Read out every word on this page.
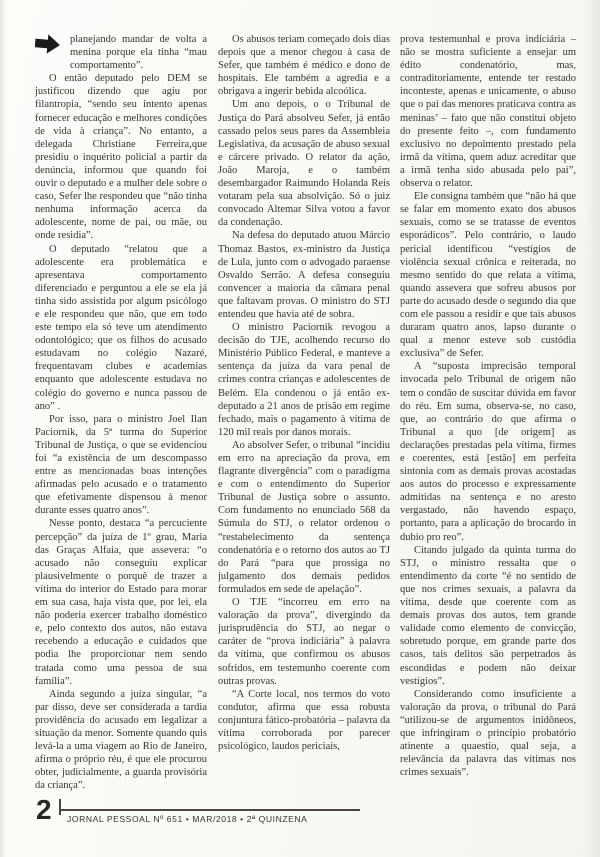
planejando mandar de volta a menina porque ela tinha “mau comportamento”.

O então deputado pelo DEM se justificou dizendo que agiu por filantropia, “sendo seu intento apenas fornecer educação e melhores condições de vida à criança”. No entanto, a delegada Christiane Ferreira,que presidiu o inquérito policial a partir da denúncia, informou que quando foi ouvir o deputado e a mulher dele sobre o caso, Sefer lhe respondeu que “não tinha nenhuma informação acerca da adolescente, nome de pai, ou mãe, ou onde residia”.

O deputado “relatou que a adolescente era problemática e apresentava comportamento diferenciado e perguntou a ele se ela já tinha sido assistida por algum psicólogo e ele respondeu que não, que em todo este tempo ela só teve um atendimento odontológico; que os filhos do acusado estudavam no colégio Nazaré, frequentavam clubes e academias enquanto que adolescente estudava no colégio do governo e nunca passou de ano” .

Por isso, para o ministro Joel Ilan Paciornik, da 5ª turma do Superior Tribunal de Justiça, o que se evidenciou foi “a existência de um descompasso entre as mencionadas boas intenções afirmadas pelo acusado e o tratamento que efetivamente dispensou à menor durante esses quatro anos”.

Nesse ponto, destaca “a percuciente percepção” da juíza de 1º grau, Maria das Graças Alfaia, que assevera: “o acusado não conseguiu explicar plausivelmente o porquê de trazer a vítima do interior do Estado para morar em sua casa, haja vista que, por lei, ela não poderia exercer trabalho doméstico e, pelo contexto dos autos, não estava recebendo a educação e cuidados que podia lhe proporcionar nem sendo tratada como uma pessoa de sua família”.

Ainda segundo a juíza singular, “a par disso, deve ser considerada a tardia providência do acusado em legalizar a situação da menor. Somente quando quis levá-la a uma viagem ao Rio de Janeiro, afirma o próprio réu, é que ele procurou obter, judicialmente, a guarda provisória da criança”.

Os abusos teriam começado dois dias depois que a menor chegou à casa de Sefer, que também é médico e dono de hospitais. Ele também a agredia e a obrigava a ingerir bebida alcoólica.

Um ano depois, o o Tribunal de Justiça do Pará absolveu Sefer, já então cassado pelos seus pares da Assembleia Legislativa, da acusação de abuso sexual e cárcere privado. O relator da ação, João Maroja, e o também desembargador Raimundo Holanda Reis votaram pela sua absolvição. Só o juiz convocado Altemar Silva votou a favor da condenação.

Na defesa do deputado atuou Márcio Thomaz Bastos, ex-ministro da Justiça de Lula, junto com o advogado paraense Osvaldo Serrão. A defesa conseguiu convencer a maioria da câmara penal que faltavam provas. O ministro do STJ entendeu que havia até de sobra.

O ministro Paciornik revogou a decisão do TJE, acolhendo recurso do Ministério Público Federal, e manteve a sentença da juíza da vara penal de crimes contra crianças e adolescentes de Belém. Ela condenou o já então ex-deputado a 21 anos de prisão em regime fechado, mais o pagamento à vítima de 120 mil reais por danos morais.

Ao absolver Sefer, o tribunal “incidiu em erro na apreciação da prova, em flagrante divergência” com o paradigma e com o entendimento do Superior Tribunal de Justiça sobre o assunto. Com fundamento no enunciado 568 da Súmula do STJ, o relator ordenou o “restabelecimento da sentença condenatória e o retorno dos autos ao TJ do Pará “para que prossiga no julgamento dos demais pedidos formulados em sede de apelação”.

O TJE “incorreu em erro na valoração da prova”, divergindo da jurisprudência do STJ, ao negar o caráter de “prova indiciária” à palavra da vítima, que confirmou os abusos sofridos, em testemunho coerente com outras provas.

“A Corte local, nos termos do voto condutor, afirma que essa robusta conjuntura fático-probatória – palavra da vítima corroborada por parecer psicológico, laudos periciais,

prova testemunhal e prova indiciária – não se mostra suficiente a ensejar um édito condenatório, mas, contraditoriamente, entende ter restado inconteste, apenas e unicamente, o abuso que o pai das menores praticava contra as meninas’ – fato que não constitui objeto do presente feito –, com fundamento exclusivo no depoimento prestado pela irmã da vítima, quem aduz acreditar que a irmã tenha sido abusada pelo pai”, observa o relator.

Ele consigna também que “não há que se falar em momento exato dos abusos sexuais, como se se tratasse de eventos esporádicos”. Pelo contrário, o laudo pericial identificou “vestígios de violência sexual crônica e reiterada, no mesmo sentido do que relata a vítima, quando assevera que sofreu abusos por parte do acusado desde o segundo dia que com ele passou a residir e que tais abusos duraram quatro anos, lapso durante o qual a menor esteve sob custódia exclusiva” de Sefer.

A “suposta imprecisão temporal invocada pelo Tribunal de origem não tem o condão de suscitar dúvida em favor do réu. Em suma, observa-se, no caso, que, ao contrário do que afirma o Tribunal a quo [de origem] as declarações prestadas pela vítima, firmes e coerentes, está [estão] em perfeita sintonia com as demais provas acostadas aos autos do processo e expressamente admitidas na sentença e no aresto vergastado, não havendo espaço, portanto, para a aplicação do brocardo in dubio pro reo”.

Citando julgado da quinta turma do STJ, o ministro ressalta que o entendimento da corte “é no sentido de que nos crimes sexuais, a palavra da vítima, desde que coerente com as demais provas dos autos, tem grande validade como elemento de convicção, sobretudo porque, em grande parte dos casos, tais delitos são perpetrados às escondidas e podem não deixar vestígios”.

Considerando como insuficiente a valoração da prova, o tribunal do Pará “utilizou-se de argumentos inidôneos, que infringiram o princípio probatório atinente a quaestio, qual seja, a relevância da palavra das vítimas nos crimes sexuais”.

2 JORNAL PESSOAL Nº 651 • MAR/2018 • 2ª QUINZENA
